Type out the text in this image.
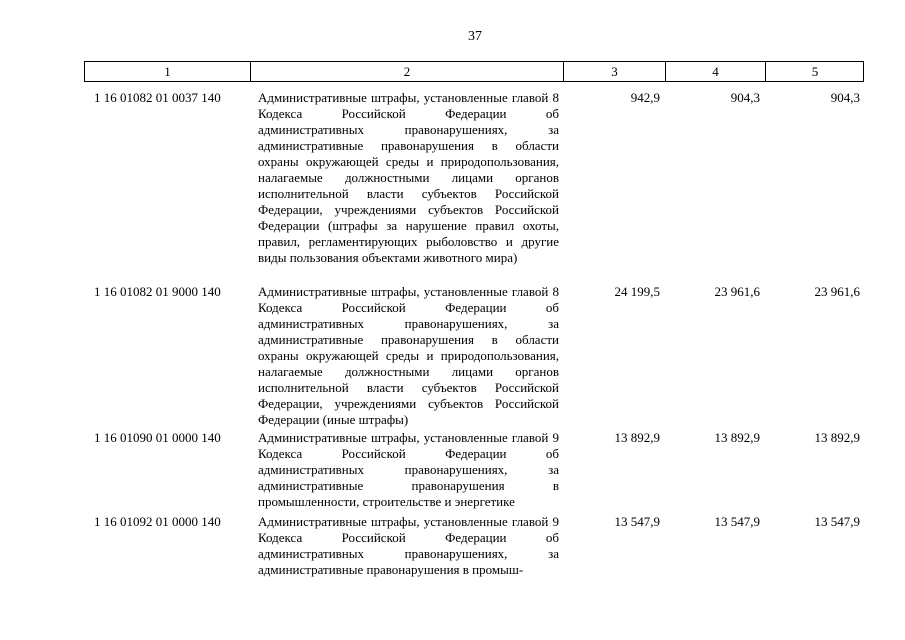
37
1	2	3	4	5
1 16 01082 01 0037 140	Административные штрафы, установленные главой 8 Кодекса Российской Федерации об административных правонарушениях, за административные правонарушения в области охраны окружающей среды и природопользования, налагаемые должностными лицами органов исполнительной власти субъектов Российской Федерации, учреждениями субъектов Российской Федерации (штрафы за нарушение правил охоты, правил, регламентирующих рыболовство и другие виды пользования объектами животного мира)
942,9	904,3	904,3
1 16 01082 01 9000 140	Административные штрафы, установленные главой 8 Кодекса Российской Федерации об административных правонарушениях, за административные правонарушения в области охраны окружающей среды и природопользования, налагаемые должностными лицами органов исполнительной власти субъектов Российской Федерации, учреждениями субъектов Российской Федерации (иные штрафы)
24 199,5	23 961,6	23 961,6
1 16 01090 01 0000 140	Административные штрафы, установленные главой 9 Кодекса Российской Федерации об административных правонарушениях, за административные правонарушения в промышленности, строительстве и энергетике
13 892,9	13 892,9	13 892,9
1 16 01092 01 0000 140	Административные штрафы, установленные главой 9 Кодекса Российской Федерации об административных правонарушениях, за административные правонарушения в промыш-
13 547,9	13 547,9	13 547,9
